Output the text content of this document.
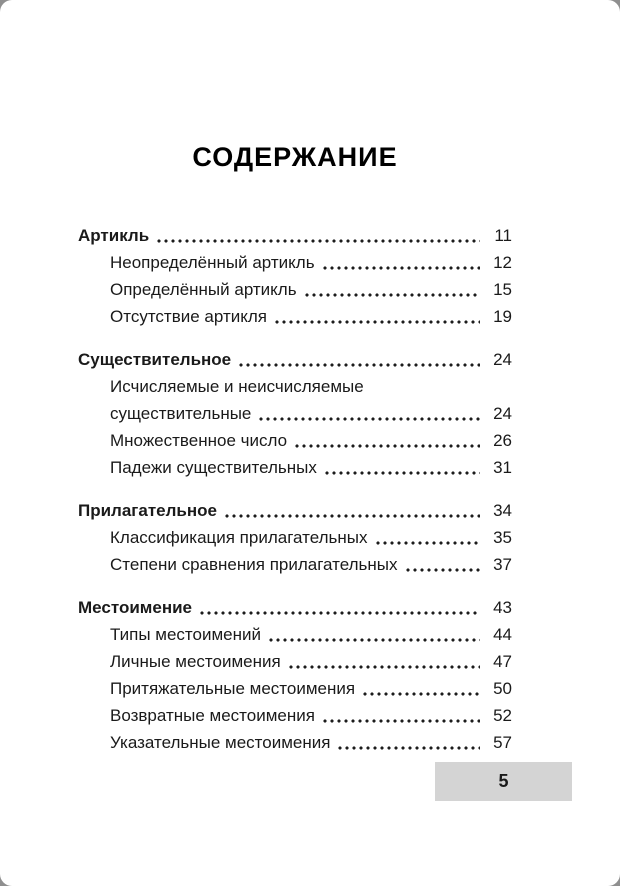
СОДЕРЖАНИЕ
Артикль	11
Неопределённый артикль	12
Определённый артикль	15
Отсутствие артикля	19
Существительное	24
Исчисляемые и неисчисляемые
существительные	24
Множественное число	26
Падежи существительных	31
Прилагательное	34
Классификация прилагательных	35
Степени сравнения прилагательных	37
Местоимение	43
Типы местоимений	44
Личные местоимения	47
Притяжательные местоимения	50
Возвратные местоимения	52
Указательные местоимения	57
5
